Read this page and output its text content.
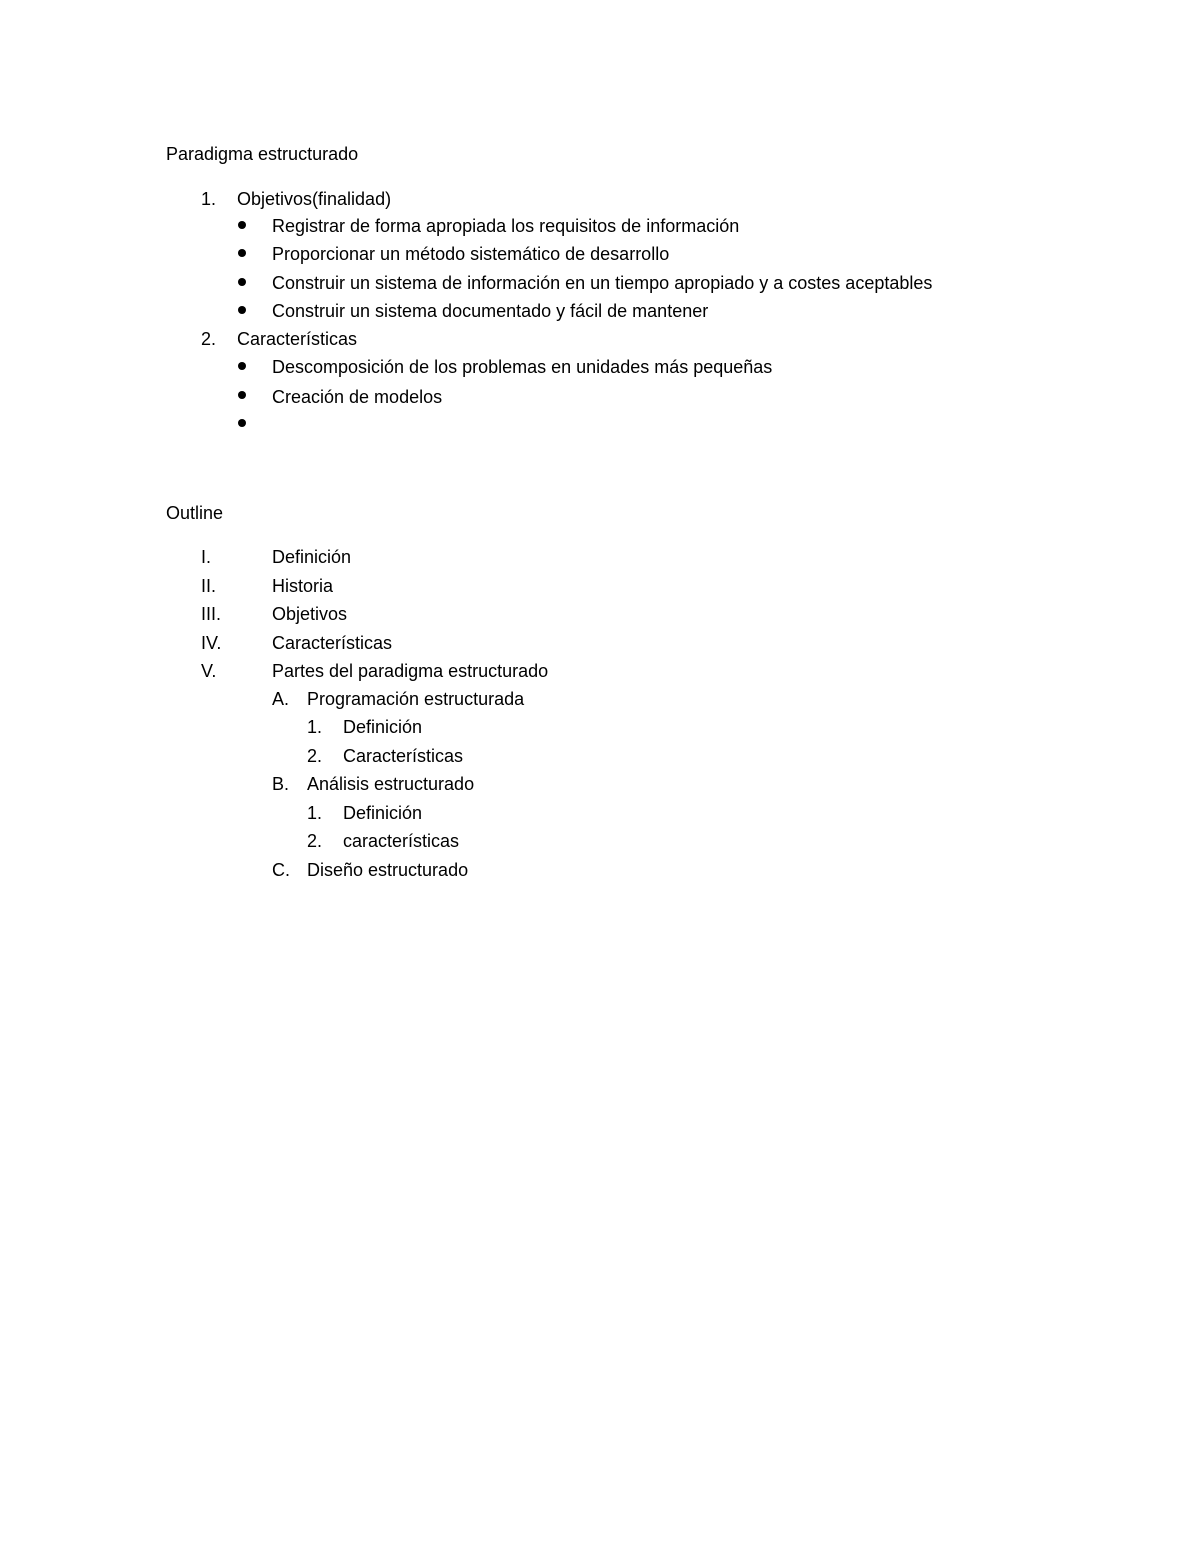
Paradigma estructurado
1. Objetivos(finalidad)
Registrar de forma apropiada los requisitos de información
Proporcionar un método sistemático de desarrollo
Construir un sistema de información en un tiempo apropiado y a costes aceptables
Construir un sistema documentado y fácil de mantener
2. Características
Descomposición de los problemas en unidades más pequeñas
Creación de modelos
Outline
I.	Definición
II.	Historia
III.	Objetivos
IV.	Características
V.	Partes del paradigma estructurado
A. Programación estructurada
1. Definición
2. Características
B. Análisis estructurado
1. Definición
2. características
C. Diseño estructurado
